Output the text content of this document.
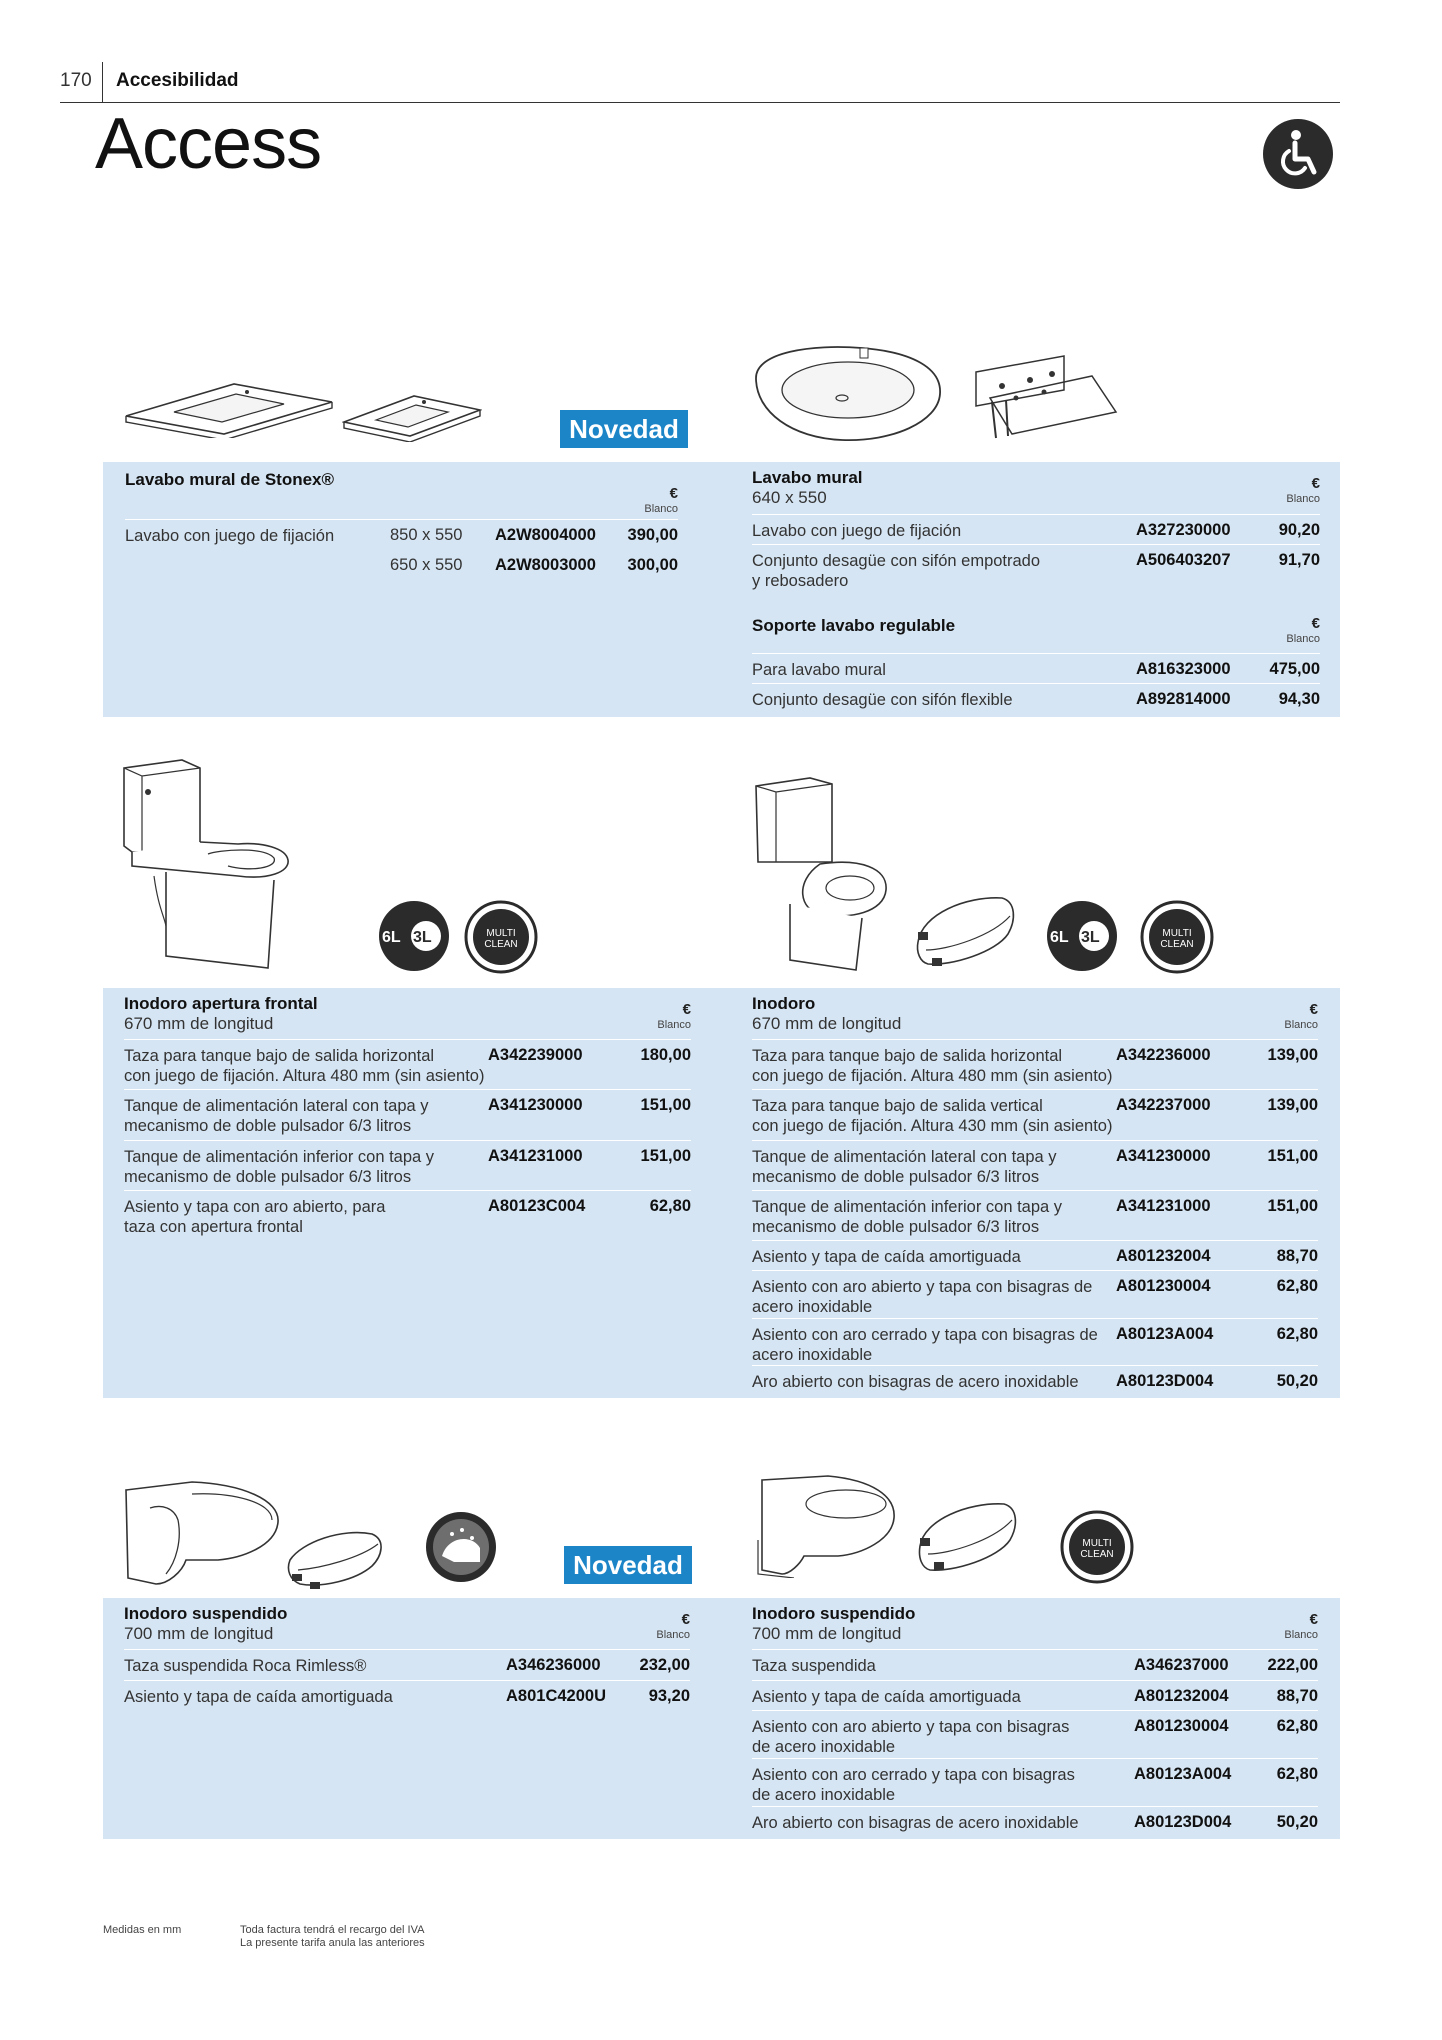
170 Accesibilidad
Access
Novedad
Lavabo mural de Stonex®
€
Blanco
Lavabo con juego de fijación	850 x 550 A2W8004000 390,00
650 x 550 A2W8003000 300,00
Lavabo mural
640 x 550
€
Blanco
Lavabo con juego de fijación	A327230000	90,20
Conjunto desagüe con sifón empotrado
y rebosadero
A506403207	91,70
Soporte lavabo regulable	€
Blanco
Para lavabo mural	A816323000 475,00
Conjunto desagüe con sifón flexible	A892814000	94,30
6L 3L	MULTI
CLEAN	6L 3L	MULTI
CLEAN
Inodoro apertura frontal
670 mm de longitud
€
Blanco
Taza para tanque bajo de salida horizontal
con juego de fijación. Altura 480 mm (sin asiento)
A342239000	180,00
Tanque de alimentación lateral con tapa y
mecanismo de doble pulsador 6/3 litros
A341230000	151,00
Tanque de alimentación inferior con tapa y
mecanismo de doble pulsador 6/3 litros
A341231000	151,00
Asiento y tapa con aro abierto, para
taza con apertura frontal
A80123C004	62,80
Inodoro
670 mm de longitud
€
Blanco
Taza para tanque bajo de salida horizontal
con juego de fijación. Altura 480 mm (sin asiento)
A342236000	139,00
Taza para tanque bajo de salida vertical
con juego de fijación. Altura 430 mm (sin asiento)
A342237000	139,00
Tanque de alimentación lateral con tapa y
mecanismo de doble pulsador 6/3 litros
A341230000	151,00
Tanque de alimentación inferior con tapa y
mecanismo de doble pulsador 6/3 litros
A341231000	151,00
Asiento y tapa de caída amortiguada	A801232004	88,70
Asiento con aro abierto y tapa con bisagras de
acero inoxidable
A801230004	62,80
Asiento con aro cerrado y tapa con bisagras de
acero inoxidable
A80123A004	62,80
Aro abierto con bisagras de acero inoxidable A80123D004	50,20
Novedad
MULTI
CLEAN
Inodoro suspendido
700 mm de longitud
€
Blanco
Taza suspendida Roca Rimless®	A346236000 232,00
Asiento y tapa de caída amortiguada	A801C4200U	93,20
Inodoro suspendido
700 mm de longitud
€
Blanco
Taza suspendida	A346237000 222,00
Asiento y tapa de caída amortiguada	A801232004	88,70
Asiento con aro abierto y tapa con bisagras
de acero inoxidable
A801230004	62,80
Asiento con aro cerrado y tapa con bisagras
de acero inoxidable
A80123A004	62,80
Aro abierto con bisagras de acero inoxidable	A80123D004	50,20
Medidas en mm	Toda factura tendrá el recargo del IVA
La presente tarifa anula las anteriores
